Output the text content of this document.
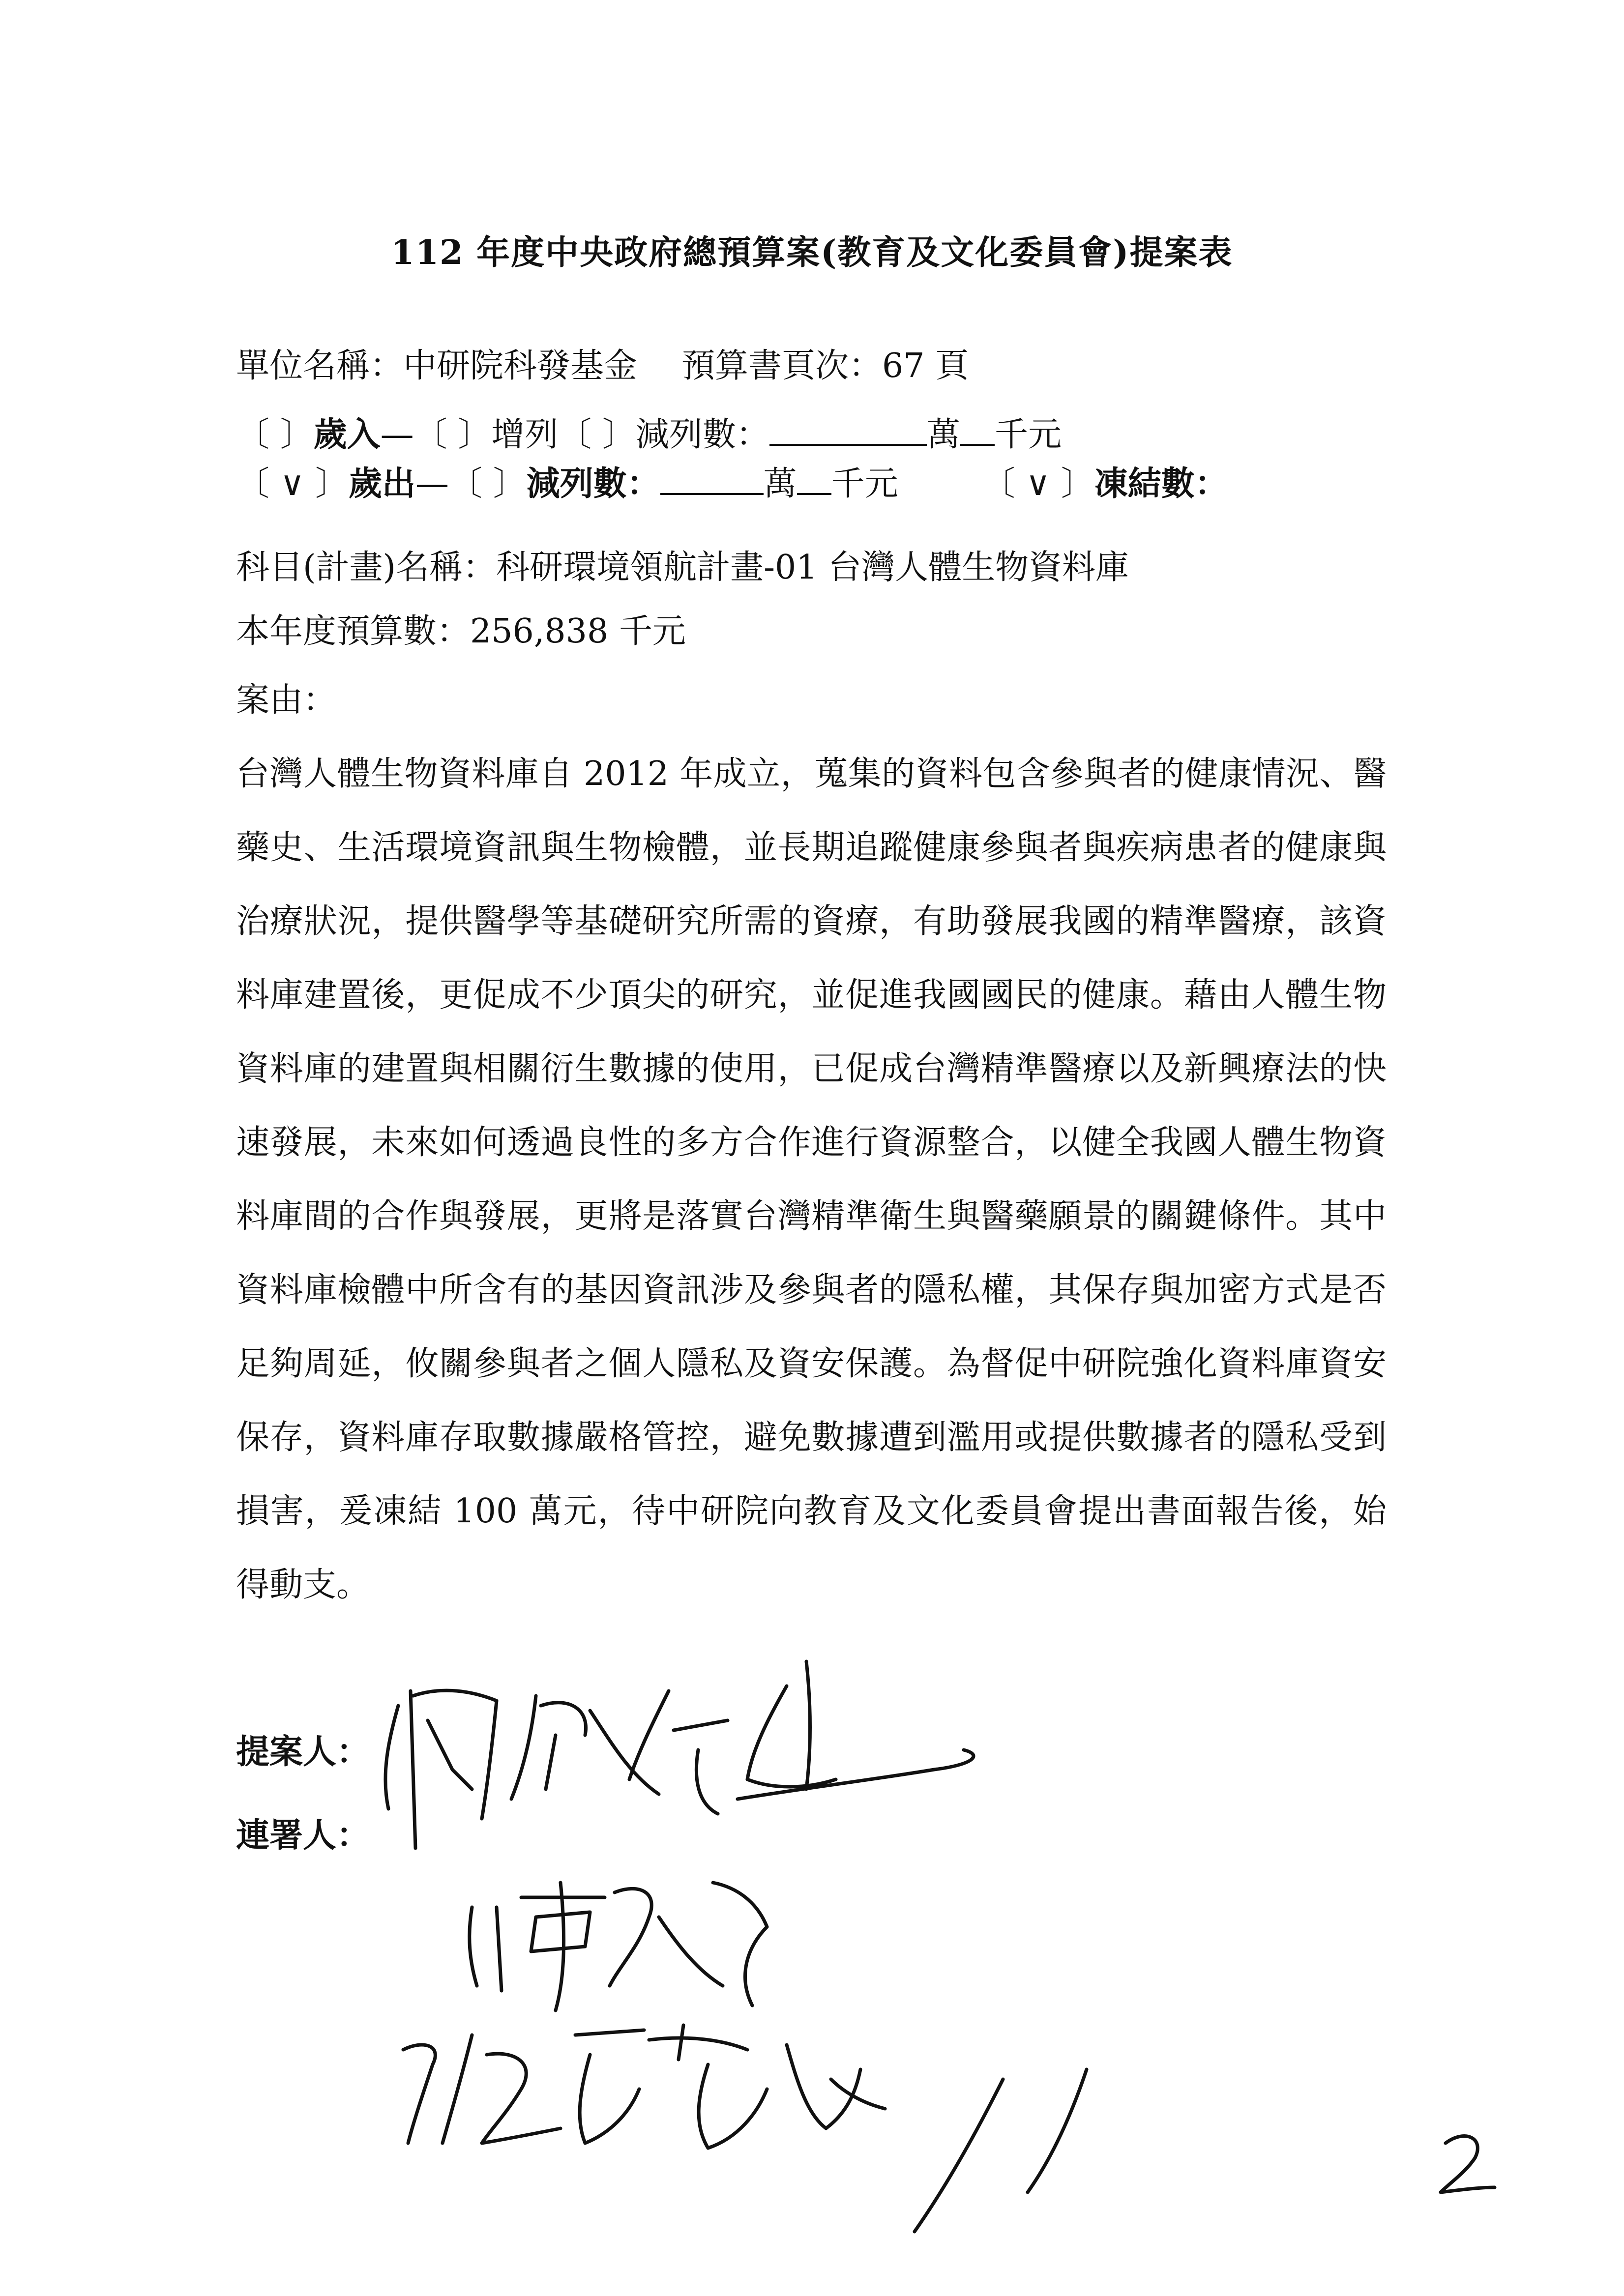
112 年度中央政府總預算案(教育及文化委員會)提案表
單位名稱：中研院科發基金 預算書頁次：67 頁
〔 〕歲入—〔 〕增列〔 〕減列數：	萬 千元
〔 ∨ 〕歲出—〔 〕減列數：	萬 千元	〔 ∨ 〕凍結數：
科目(計畫)名稱：科研環境領航計畫-01 台灣人體生物資料庫
本年度預算數：256,838 千元
案由：
台灣人體生物資料庫自 2012 年成立，蒐集的資料包含參與者的健康情況、醫藥史、生活環境資訊與生物檢體，並長期追蹤健康參與者與疾病患者的健康與治療狀況，提供醫學等基礎研究所需的資療，有助發展我國的精準醫療，該資料庫建置後，更促成不少頂尖的研究，並促進我國國民的健康。藉由人體生物資料庫的建置與相關衍生數據的使用，已促成台灣精準醫療以及新興療法的快速發展，未來如何透過良性的多方合作進行資源整合，以健全我國人體生物資料庫間的合作與發展，更將是落實台灣精準衛生與醫藥願景的關鍵條件。其中資料庫檢體中所含有的基因資訊涉及參與者的隱私權，其保存與加密方式是否足夠周延，攸關參與者之個人隱私及資安保護。為督促中研院強化資料庫資安保存，資料庫存取數據嚴格管控，避免數據遭到濫用或提供數據者的隱私受到損害，爰凍結 100 萬元，待中研院向教育及文化委員會提出書面報告後，始得動支。
提案人：
連署人：
